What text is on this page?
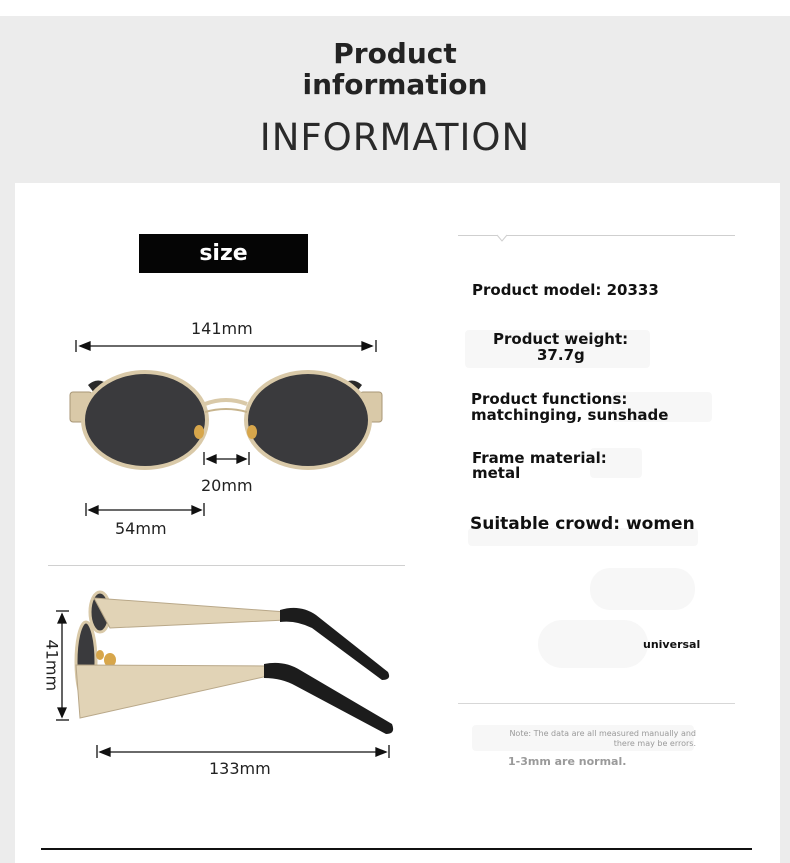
Product
information
INFORMATION
size
141mm
20mm
54mm
41mm
133mm
Product model: 20333
Product weight:
37.7g
Product functions:
matchinging, sunshade
Frame material:
metal
Suitable crowd: women
universal
Note: The data are all measured manually and
there may be errors.
1-3mm are normal.
